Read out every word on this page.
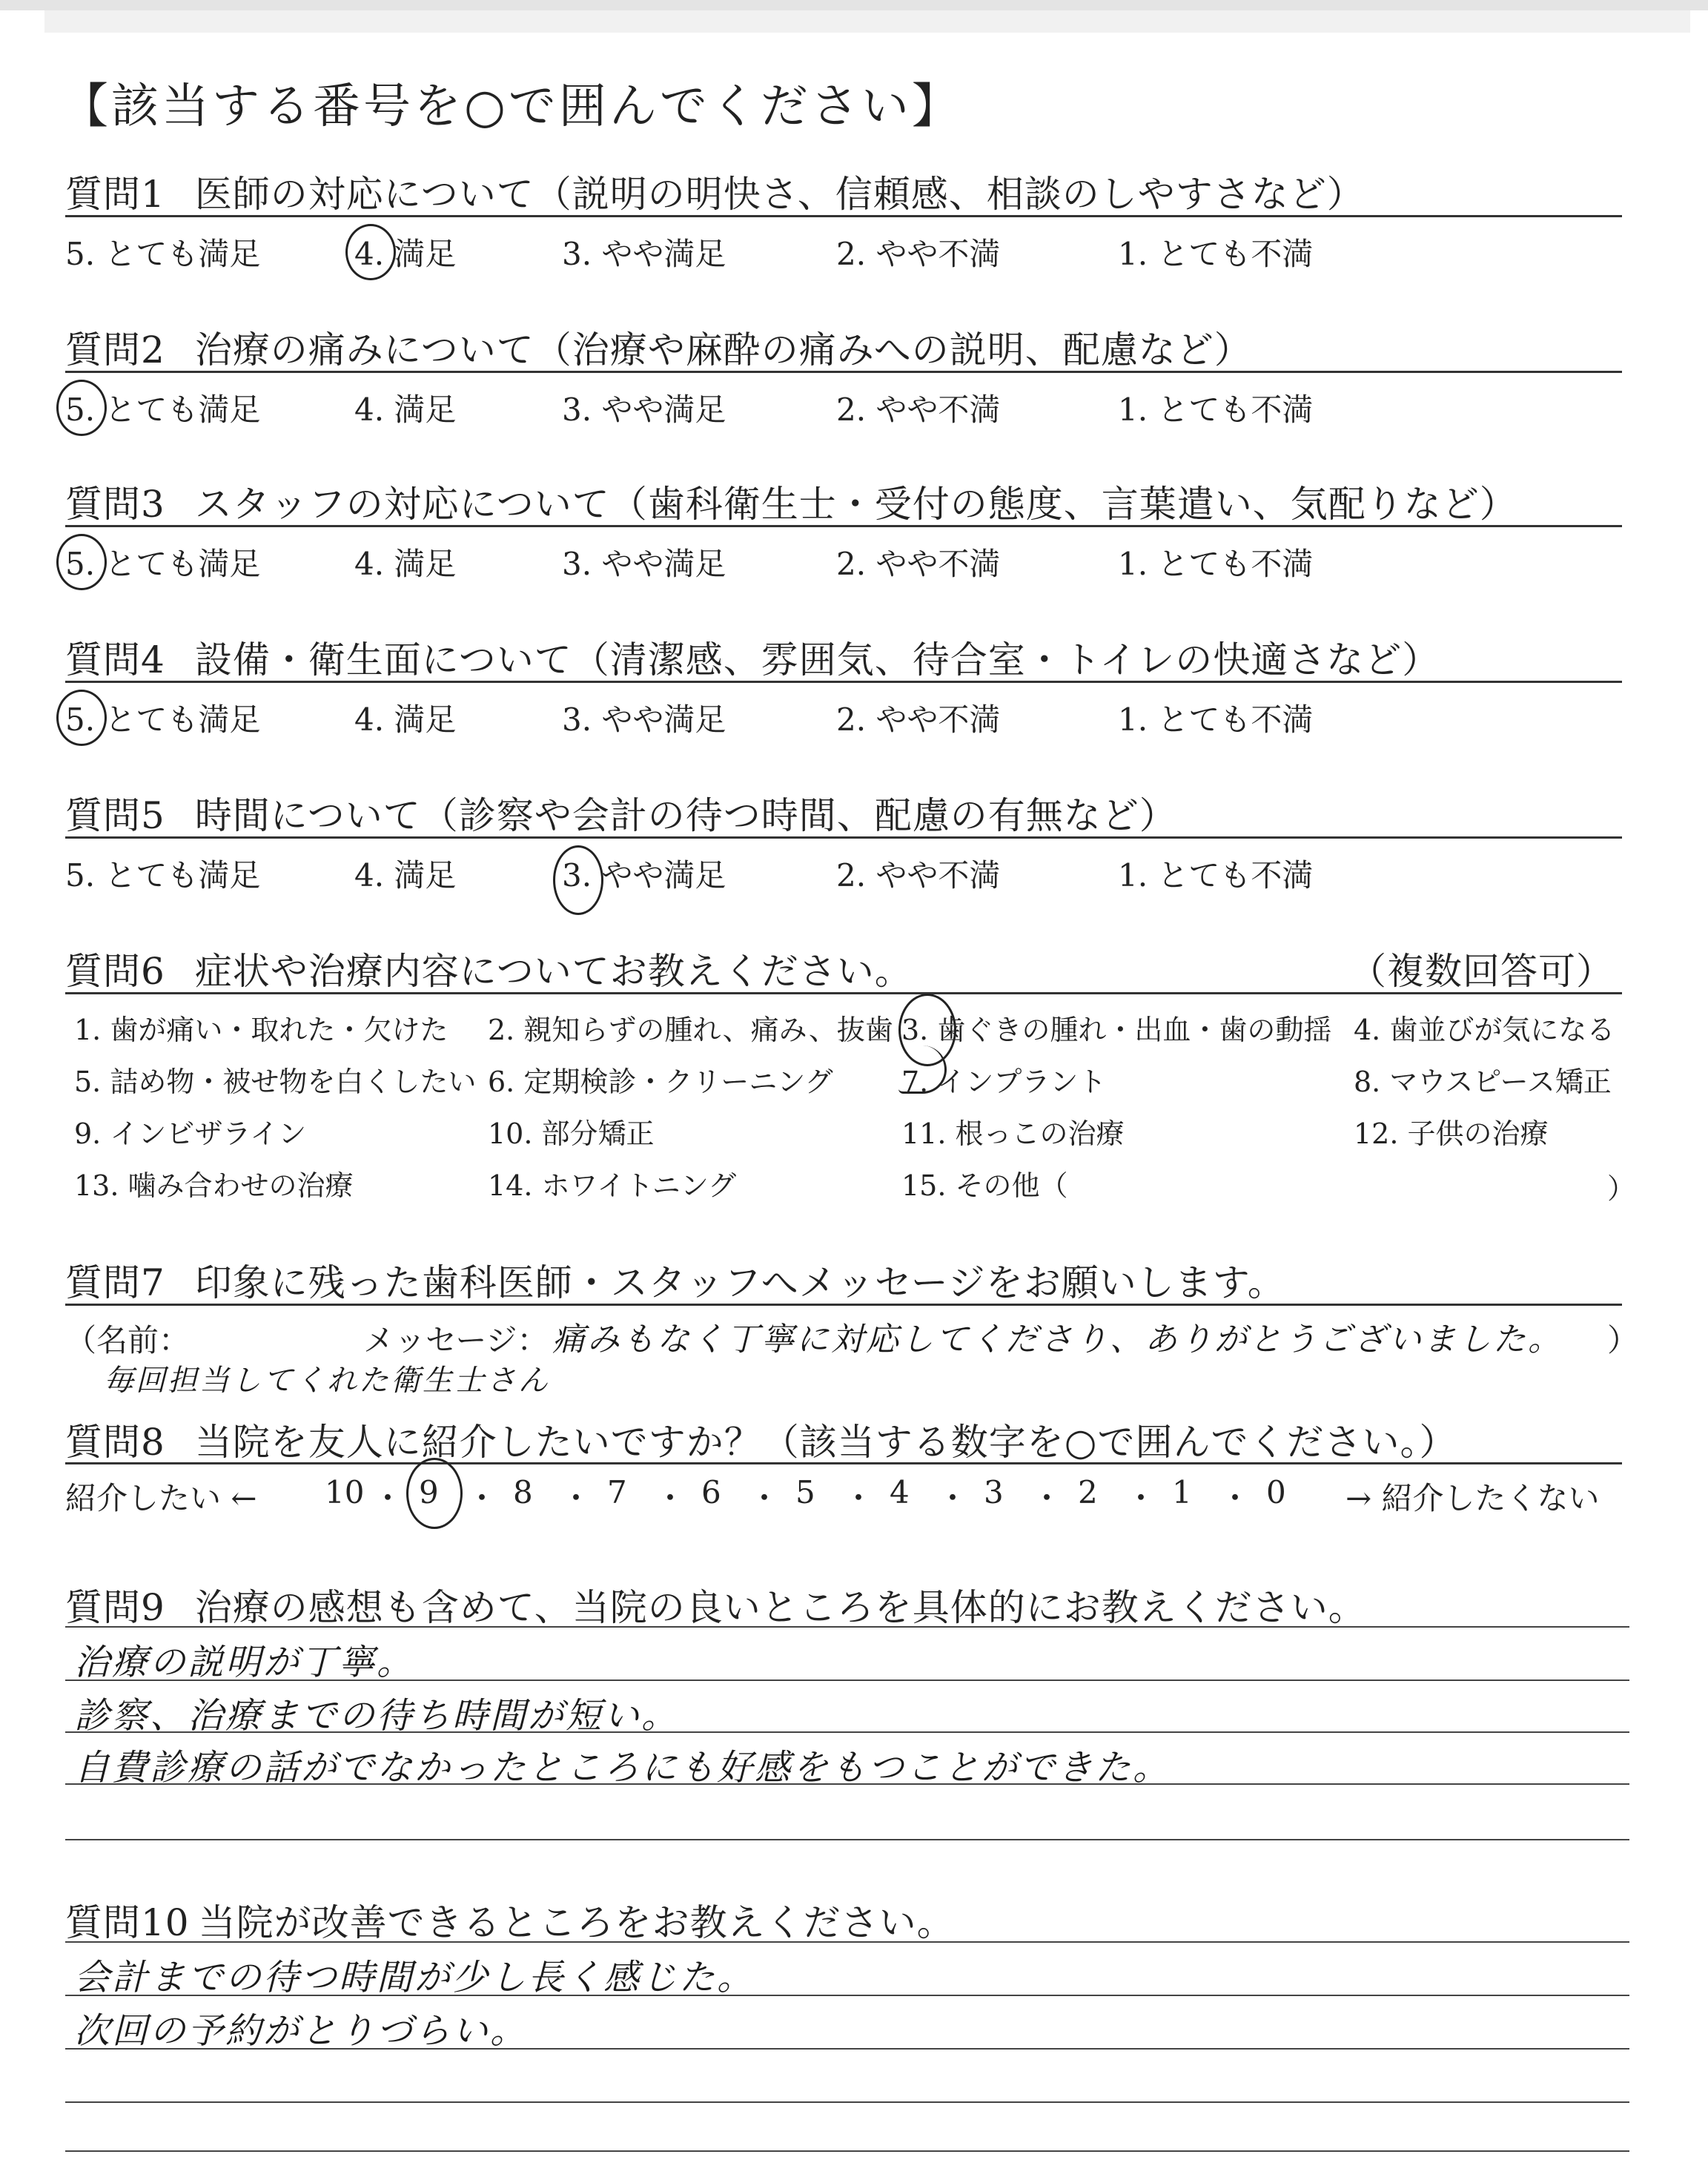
【該当する番号を○で囲んでください】
質問1 医師の対応について（説明の明快さ、信頼感、相談のしやすさなど）
5. とても満足	4. 満足	3. やや満足	2. やや不満	1. とても不満
質問2 治療の痛みについて（治療や麻酔の痛みへの説明、配慮など）
5. とても満足	4. 満足	3. やや満足	2. やや不満	1. とても不満
質問3 スタッフの対応について（歯科衛生士・受付の態度、言葉遣い、気配りなど）
5. とても満足	4. 満足	3. やや満足	2. やや不満	1. とても不満
質問4 設備・衛生面について（清潔感、雰囲気、待合室・トイレの快適さなど）
5. とても満足	4. 満足	3. やや満足	2. やや不満	1. とても不満
質問5 時間について（診察や会計の待つ時間、配慮の有無など）
5. とても満足	4. 満足	3. やや満足	2. やや不満	1. とても不満
質問6 症状や治療内容についてお教えください。	（複数回答可）
1. 歯が痛い・取れた・欠けた 2. 親知らずの腫れ、痛み、抜歯 3. 歯ぐきの腫れ・出血・歯の動揺 4. 歯並びが気になる
5. 詰め物・被せ物を白くしたい 6. 定期検診・クリーニング 7. インプラント	8. マウスピース矯正
9. インビザライン	10. 部分矯正	11. 根っこの治療	12. 子供の治療
13. 噛み合わせの治療	14. ホワイトニング	15. その他（	）
質問7 印象に残った歯科医師・スタッフへメッセージをお願いします。
（名前：	メッセージ： 痛みもなく丁寧に対応してくださり、ありがとうございました。 ）
毎回担当してくれた衛生士さん
質問8 当院を友人に紹介したいですか？（該当する数字を○で囲んでください。）
紹介したい ← 10 ・ 9 ・ 8 ・ 7 ・ 6 ・ 5 ・ 4 ・ 3 ・ 2 ・ 1 ・ 0 → 紹介したくない
質問9 治療の感想も含めて、当院の良いところを具体的にお教えください。
治療の説明が丁寧。
診察、治療までの待ち時間が短い。
自費診療の話がでなかったところにも好感をもつことができた。
質問10 当院が改善できるところをお教えください。
会計までの待つ時間が少し長く感じた。
次回の予約がとりづらい。
